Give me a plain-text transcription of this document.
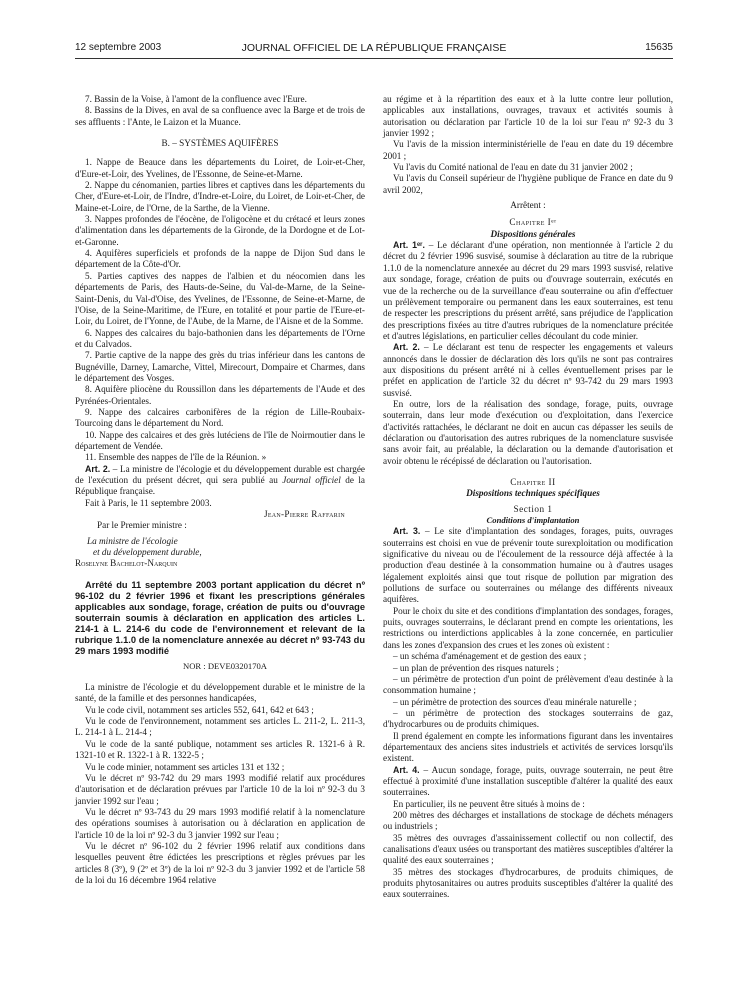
12 septembre 2003	JOURNAL OFFICIEL DE LA RÉPUBLIQUE FRANÇAISE	15635

7. Bassin de la Voise, à l'amont de la confluence avec l'Eure.

8. Bassins de la Dives, en aval de sa confluence avec la Barge et de trois de ses affluents : l'Ante, le Laizon et la Muance.

B. – SYSTÈMES AQUIFÈRES

1. Nappe de Beauce dans les départements du Loiret, de Loir-et-Cher, d'Eure-et-Loir, des Yvelines, de l'Essonne, de Seine-et-Marne.

2. Nappe du cénomanien, parties libres et captives dans les départements du Cher, d'Eure-et-Loir, de l'Indre, d'Indre-et-Loire, du Loiret, de Loir-et-Cher, de Maine-et-Loire, de l'Orne, de la Sarthe, de la Vienne.

3. Nappes profondes de l'éocène, de l'oligocène et du crétacé et leurs zones d'alimentation dans les départements de la Gironde, de la Dordogne et de Lot-et-Garonne.

4. Aquifères superficiels et profonds de la nappe de Dijon Sud dans le département de la Côte-d'Or.

5. Parties captives des nappes de l'albien et du néocomien dans les départements de Paris, des Hauts-de-Seine, du Val-de-Marne, de la Seine-Saint-Denis, du Val-d'Oise, des Yvelines, de l'Essonne, de Seine-et-Marne, de l'Oise, de la Seine-Maritime, de l'Eure, en totalité et pour partie de l'Eure-et-Loir, du Loiret, de l'Yonne, de l'Aube, de la Marne, de l'Aisne et de la Somme.

6. Nappes des calcaires du bajo-bathonien dans les départements de l'Orne et du Calvados.

7. Partie captive de la nappe des grès du trias inférieur dans les cantons de Bugnéville, Darney, Lamarche, Vittel, Mirecourt, Dompaire et Charmes, dans le département des Vosges.

8. Aquifère pliocène du Roussillon dans les départements de l'Aude et des Pyrénées-Orientales.

9. Nappe des calcaires carbonifères de la région de Lille-Roubaix-Tourcoing dans le département du Nord.

10. Nappe des calcaires et des grès lutéciens de l'île de Noirmoutier dans le département de Vendée.

11. Ensemble des nappes de l'île de la Réunion. »

Art. 2. – La ministre de l'écologie et du développement durable est chargée de l'exécution du présent décret, qui sera publié au Journal officiel de la République française.

Fait à Paris, le 11 septembre 2003.

Jean-Pierre Raffarin

Par le Premier ministre :

La ministre de l'écologie

et du développement durable,

Roselyne Bachelot-Narquin

Arrêté du 11 septembre 2003 portant application du décret nº 96-102 du 2 février 1996 et fixant les prescriptions générales applicables aux sondage, forage, création de puits ou d'ouvrage souterrain soumis à déclaration en application des articles L. 214-1 à L. 214-6 du code de l'environnement et relevant de la rubrique 1.1.0 de la nomenclature annexée au décret nº 93-743 du 29 mars 1993 modifié

NOR : DEVE0320170A

La ministre de l'écologie et du développement durable et le ministre de la santé, de la famille et des personnes handicapées,

Vu le code civil, notamment ses articles 552, 641, 642 et 643 ;

Vu le code de l'environnement, notamment ses articles L. 211-2, L. 211-3, L. 214-1 à L. 214-4 ;

Vu le code de la santé publique, notamment ses articles R. 1321-6 à R. 1321-10 et R. 1322-1 à R. 1322-5 ;

Vu le code minier, notamment ses articles 131 et 132 ;

Vu le décret nº 93-742 du 29 mars 1993 modifié relatif aux procédures d'autorisation et de déclaration prévues par l'article 10 de la loi nº 92-3 du 3 janvier 1992 sur l'eau ;

Vu le décret nº 93-743 du 29 mars 1993 modifié relatif à la nomenclature des opérations soumises à autorisation ou à déclaration en application de l'article 10 de la loi nº 92-3 du 3 janvier 1992 sur l'eau ;

Vu le décret nº 96-102 du 2 février 1996 relatif aux conditions dans lesquelles peuvent être édictées les prescriptions et règles prévues par les articles 8 (3º), 9 (2º et 3º) de la loi nº 92-3 du 3 janvier 1992 et de l'article 58 de la loi du 16 décembre 1964 relative

au régime et à la répartition des eaux et à la lutte contre leur pollution, applicables aux installations, ouvrages, travaux et activités soumis à autorisation ou déclaration par l'article 10 de la loi sur l'eau nº 92-3 du 3 janvier 1992 ;

Vu l'avis de la mission interministérielle de l'eau en date du 19 décembre 2001 ;

Vu l'avis du Comité national de l'eau en date du 31 janvier 2002 ;

Vu l'avis du Conseil supérieur de l'hygiène publique de France en date du 9 avril 2002,

Arrêtent :

Chapitre Iᵉʳ

Dispositions générales

Art. 1ᵉʳ. – Le déclarant d'une opération, non mentionnée à l'article 2 du décret du 2 février 1996 susvisé, soumise à déclaration au titre de la rubrique 1.1.0 de la nomenclature annexée au décret du 29 mars 1993 susvisé, relative aux sondage, forage, création de puits ou d'ouvrage souterrain, exécutés en vue de la recherche ou de la surveillance d'eau souterraine ou afin d'effectuer un prélèvement temporaire ou permanent dans les eaux souterraines, est tenu de respecter les prescriptions du présent arrêté, sans préjudice de l'application des prescriptions fixées au titre d'autres rubriques de la nomenclature précitée et d'autres législations, en particulier celles découlant du code minier.

Art. 2. – Le déclarant est tenu de respecter les engagements et valeurs annoncés dans le dossier de déclaration dès lors qu'ils ne sont pas contraires aux dispositions du présent arrêté ni à celles éventuellement prises par le préfet en application de l'article 32 du décret nº 93-742 du 29 mars 1993 susvisé.

En outre, lors de la réalisation des sondage, forage, puits, ouvrage souterrain, dans leur mode d'exécution ou d'exploitation, dans l'exercice d'activités rattachées, le déclarant ne doit en aucun cas dépasser les seuils de déclaration ou d'autorisation des autres rubriques de la nomenclature susvisée sans avoir fait, au préalable, la déclaration ou la demande d'autorisation et avoir obtenu le récépissé de déclaration ou l'autorisation.

Chapitre II

Dispositions techniques spécifiques

Section 1

Conditions d'implantation

Art. 3. – Le site d'implantation des sondages, forages, puits, ouvrages souterrains est choisi en vue de prévenir toute surexploitation ou modification significative du niveau ou de l'écoulement de la ressource déjà affectée à la production d'eau destinée à la consommation humaine ou à d'autres usages légalement exploités ainsi que tout risque de pollution par migration des pollutions de surface ou souterraines ou mélange des différents niveaux aquifères.

Pour le choix du site et des conditions d'implantation des sondages, forages, puits, ouvrages souterrains, le déclarant prend en compte les orientations, les restrictions ou interdictions applicables à la zone concernée, en particulier dans les zones d'expansion des crues et les zones où existent :

– un schéma d'aménagement et de gestion des eaux ;

– un plan de prévention des risques naturels ;

– un périmètre de protection d'un point de prélèvement d'eau destinée à la consommation humaine ;

– un périmètre de protection des sources d'eau minérale naturelle ;

– un périmètre de protection des stockages souterrains de gaz, d'hydrocarbures ou de produits chimiques.

Il prend également en compte les informations figurant dans les inventaires départementaux des anciens sites industriels et activités de services lorsqu'ils existent.

Art. 4. – Aucun sondage, forage, puits, ouvrage souterrain, ne peut être effectué à proximité d'une installation susceptible d'altérer la qualité des eaux souterraines.

En particulier, ils ne peuvent être situés à moins de :

200 mètres des décharges et installations de stockage de déchets ménagers ou industriels ;

35 mètres des ouvrages d'assainissement collectif ou non collectif, des canalisations d'eaux usées ou transportant des matières susceptibles d'altérer la qualité des eaux souterraines ;

35 mètres des stockages d'hydrocarbures, de produits chimiques, de produits phytosanitaires ou autres produits susceptibles d'altérer la qualité des eaux souterraines.
